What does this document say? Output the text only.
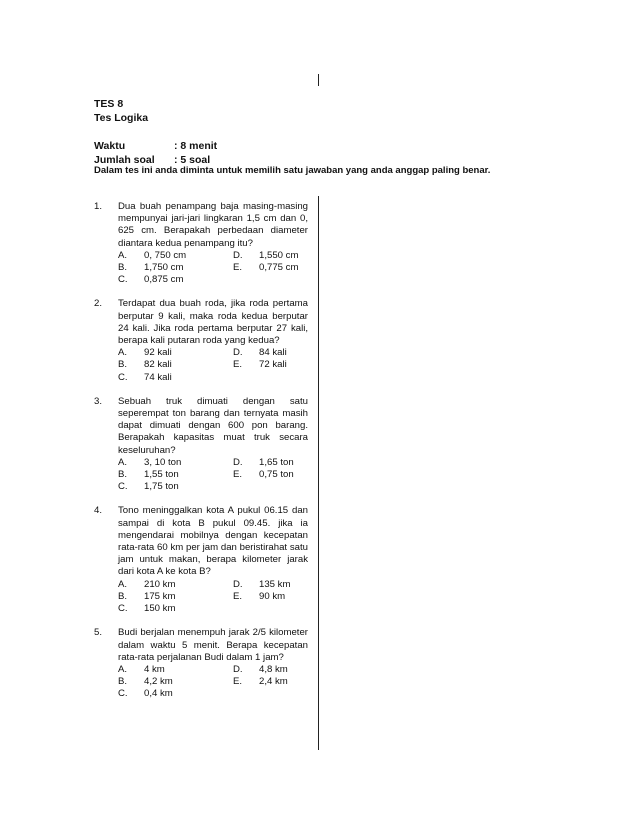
TES 8
Tes Logika
Waktu	: 8 menit
Jumlah soal	: 5 soal
Dalam tes ini anda diminta untuk memilih satu jawaban yang anda anggap paling benar.
1.	Dua buah penampang baja masing-masing mempunyai jari-jari lingkaran 1,5 cm dan 0, 625 cm. Berapakah perbedaan diameter diantara kedua penampang itu?
A.	0, 750 cm	D.	1,550 cm
B.	1,750 cm	E.	0,775 cm
C.	0,875 cm
2.	Terdapat dua buah roda, jika roda pertama berputar 9 kali, maka roda kedua berputar 24 kali. Jika roda pertama berputar 27 kali, berapa kali putaran roda yang kedua?
A.	92 kali	D.	84 kali
B.	82 kali	E.	72 kali
C.	74 kali
3.	Sebuah truk dimuati dengan satu seperempat ton barang dan ternyata masih dapat dimuati dengan 600 pon barang. Berapakah kapasitas muat truk secara keseluruhan?
A.	3, 10 ton	D.	1,65 ton
B.	1,55 ton	E.	0,75 ton
C.	1,75 ton
4.	Tono meninggalkan kota A pukul 06.15 dan sampai di kota B pukul 09.45. jika ia mengendarai mobilnya dengan kecepatan rata-rata 60 km per jam dan beristirahat satu jam untuk makan, berapa kilometer jarak dari kota A ke kota B?
A.	210 km	D.	135 km
B.	175 km	E.	90 km
C.	150 km
5.	Budi berjalan menempuh jarak 2/5 kilometer dalam waktu 5 menit. Berapa kecepatan rata-rata perjalanan Budi dalam 1 jam?
A.	4 km	D.	4,8 km
B.	4,2 km	E.	2,4 km
C.	0,4 km
